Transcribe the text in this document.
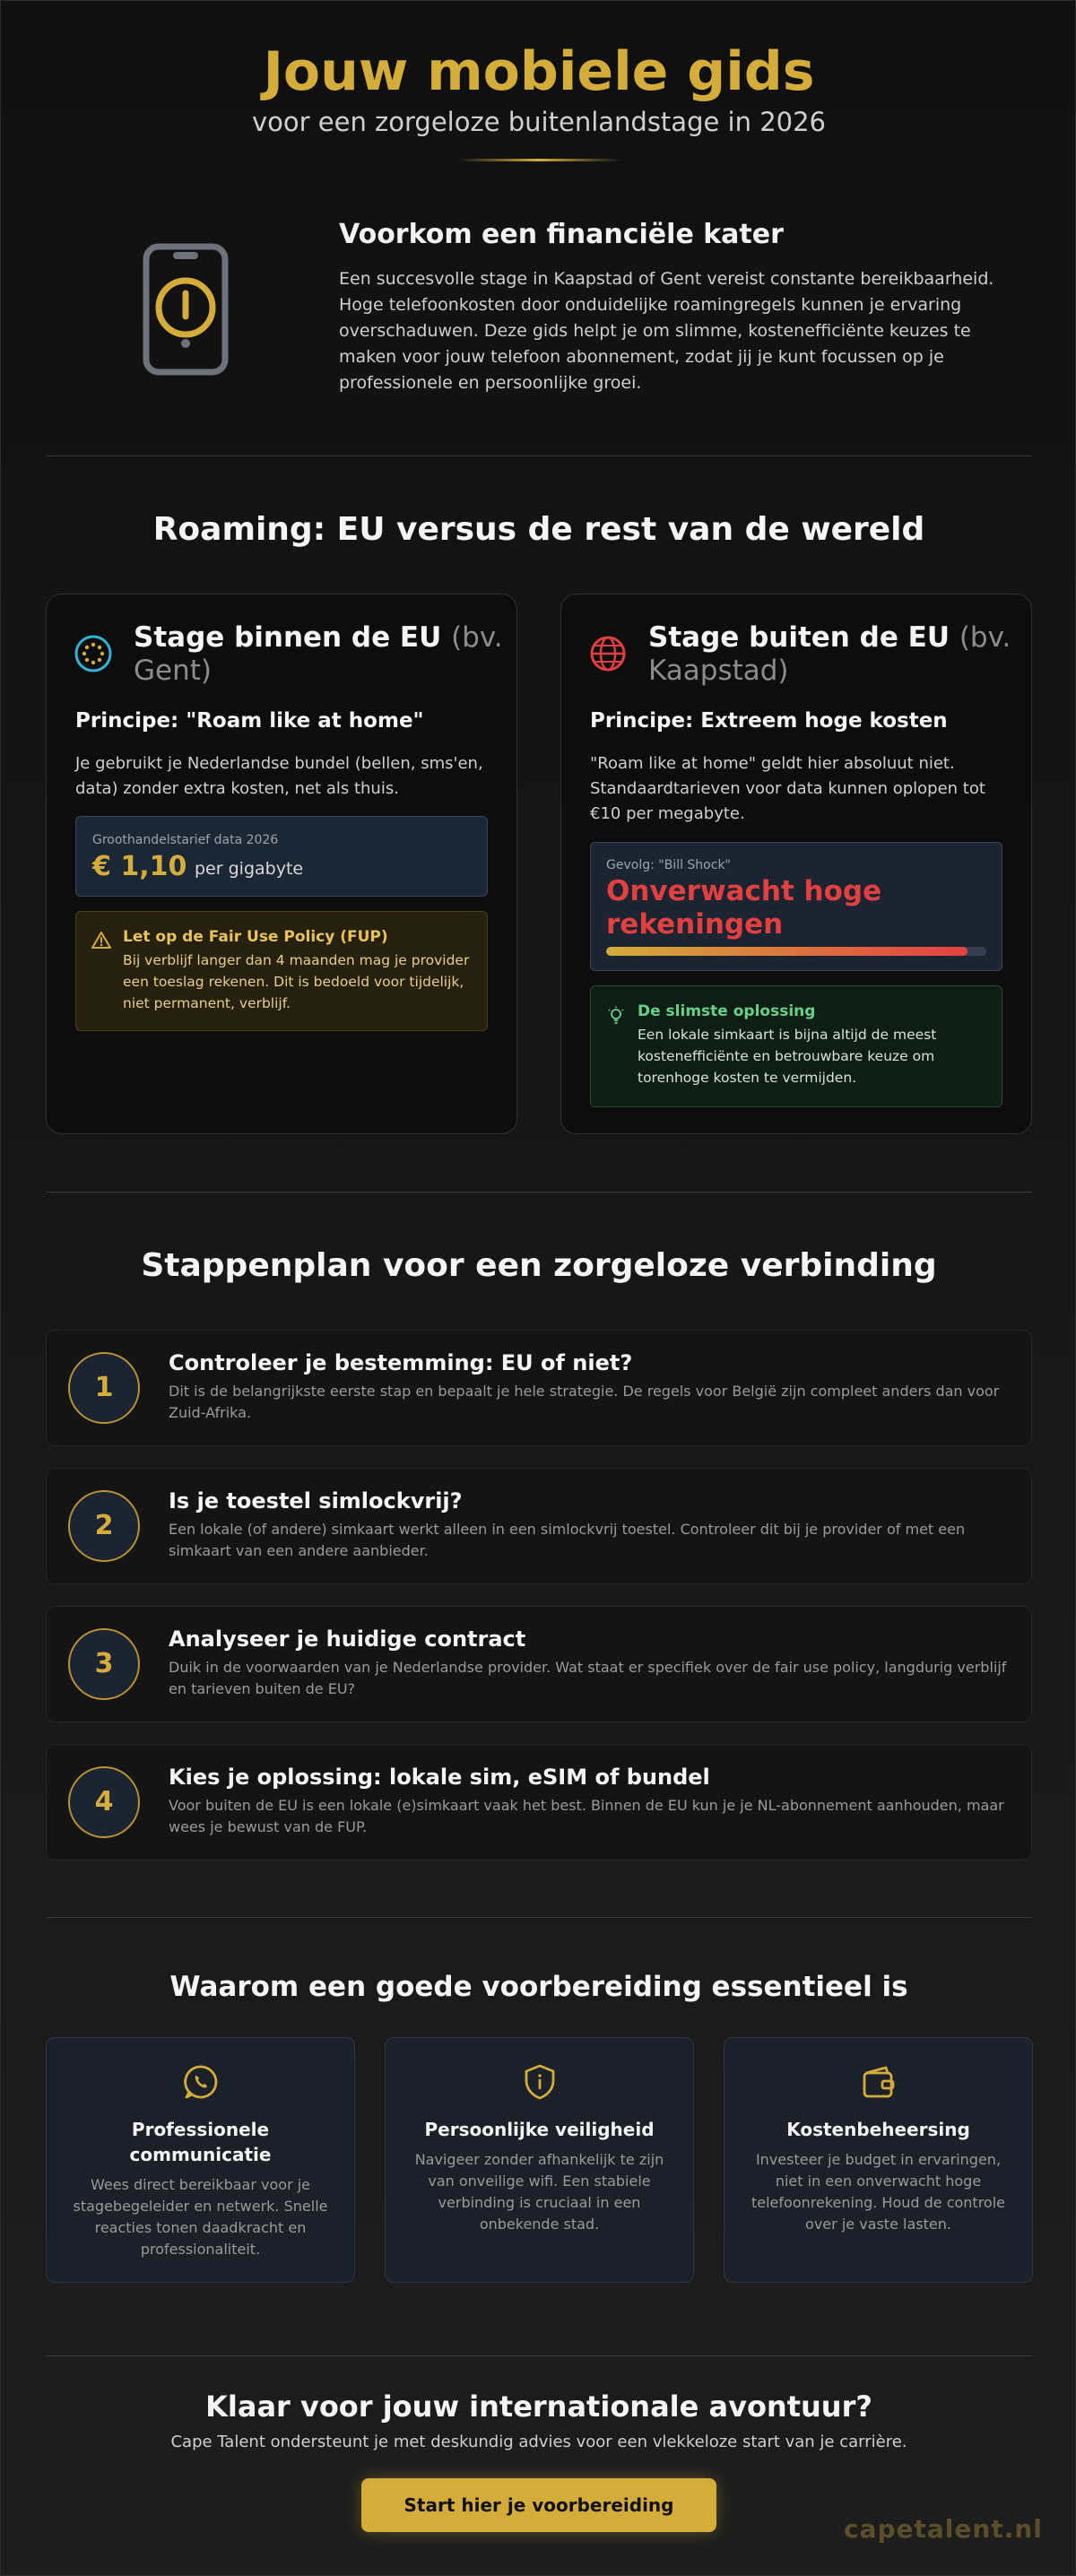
Jouw mobiele gids
voor een zorgeloze buitenlandstage in 2026
Voorkom een financiële kater
Een succesvolle stage in Kaapstad of Gent vereist constante bereikbaarheid. Hoge telefoonkosten door onduidelijke roamingregels kunnen je ervaring overschaduwen. Deze gids helpt je om slimme, kostenefficiënte keuzes te maken voor jouw telefoon abonnement, zodat jij je kunt focussen op je professionele en persoonlijke groei.
Roaming: EU versus de rest van de wereld
Stage binnen de EU (bv. Gent)
Principe: "Roam like at home"
Je gebruikt je Nederlandse bundel (bellen, sms'en, data) zonder extra kosten, net als thuis.
Groothandelstarief data 2026
€ 1,10 per gigabyte
Let op de Fair Use Policy (FUP)
Bij verblijf langer dan 4 maanden mag je provider een toeslag rekenen. Dit is bedoeld voor tijdelijk, niet permanent, verblijf.
Stage buiten de EU (bv. Kaapstad)
Principe: Extreem hoge kosten
"Roam like at home" geldt hier absoluut niet. Standaardtarieven voor data kunnen oplopen tot €10 per megabyte.
Gevolg: "Bill Shock"
Onverwacht hoge rekeningen
De slimste oplossing
Een lokale simkaart is bijna altijd de meest kostenefficiënte en betrouwbare keuze om torenhoge kosten te vermijden.
Stappenplan voor een zorgeloze verbinding
1
Controleer je bestemming: EU of niet?
Dit is de belangrijkste eerste stap en bepaalt je hele strategie. De regels voor België zijn compleet anders dan voor Zuid-Afrika.
2
Is je toestel simlockvrij?
Een lokale (of andere) simkaart werkt alleen in een simlockvrij toestel. Controleer dit bij je provider of met een simkaart van een andere aanbieder.
3
Analyseer je huidige contract
Duik in de voorwaarden van je Nederlandse provider. Wat staat er specifiek over de fair use policy, langdurig verblijf en tarieven buiten de EU?
4
Kies je oplossing: lokale sim, eSIM of bundel
Voor buiten de EU is een lokale (e)simkaart vaak het best. Binnen de EU kun je je NL-abonnement aanhouden, maar wees je bewust van de FUP.
Waarom een goede voorbereiding essentieel is
Professionele communicatie
Wees direct bereikbaar voor je stagebegeleider en netwerk. Snelle reacties tonen daadkracht en professionaliteit.
Persoonlijke veiligheid
Navigeer zonder afhankelijk te zijn van onveilige wifi. Een stabiele verbinding is cruciaal in een onbekende stad.
Kostenbeheersing
Investeer je budget in ervaringen, niet in een onverwacht hoge telefoonrekening. Houd de controle over je vaste lasten.
Klaar voor jouw internationale avontuur?
Cape Talent ondersteunt je met deskundig advies voor een vlekkeloze start van je carrière.
Start hier je voorbereiding
capetalent.nl
